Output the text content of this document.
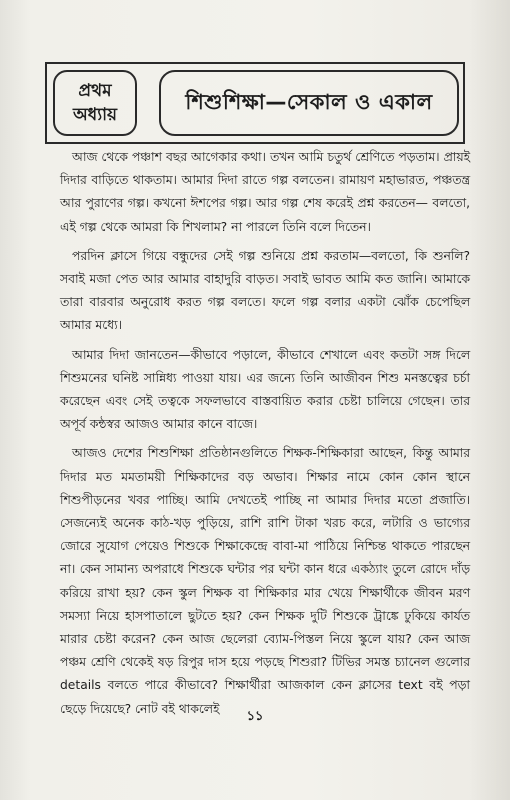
প্রথম
অধ্যায়
শিশুশিক্ষা—সেকাল ও একাল

আজ থেকে পঞ্চাশ বছর আগেকার কথা। তখন আমি চতুর্থ শ্রেণিতে পড়তাম। প্রায়ই দিদার বাড়িতে থাকতাম। আমার দিদা রাতে গল্প বলতেন। রামায়ণ মহাভারত, পঞ্চতন্ত্র আর পুরাণের গল্প। কখনো ঈশপের গল্প। আর গল্প শেষ করেই প্রশ্ন করতেন— বলতো, এই গল্প থেকে আমরা কি শিখলাম? না পারলে তিনি বলে দিতেন।

পরদিন ক্লাসে গিয়ে বন্ধুদের সেই গল্প শুনিয়ে প্রশ্ন করতাম—বলতো, কি শুনলি? সবাই মজা পেত আর আমার বাহাদুরি বাড়ত। সবাই ভাবত আমি কত জানি। আমাকে তারা বারবার অনুরোধ করত গল্প বলতে। ফলে গল্প বলার একটা ঝোঁক চেপেছিল আমার মধ্যে।

আমার দিদা জানতেন—কীভাবে পড়ালে, কীভাবে শেখালে এবং কতটা সঙ্গ দিলে শিশুমনের ঘনিষ্ট সান্নিধ্য পাওয়া যায়। এর জন্যে তিনি আজীবন শিশু মনস্তত্বের চর্চা করেছেন এবং সেই তত্বকে সফলভাবে বাস্তবায়িত করার চেষ্টা চালিয়ে গেছেন। তার অপূর্ব কন্ঠস্বর আজও আমার কানে বাজে।

আজও দেশের শিশুশিক্ষা প্রতিষ্ঠানগুলিতে শিক্ষক-শিক্ষিকারা আছেন, কিন্তু আমার দিদার মত মমতাময়ী শিক্ষিকাদের বড় অভাব। শিক্ষার নামে কোন কোন স্থানে শিশুপীড়নের খবর পাচ্ছি। আমি দেখতেই পাচ্ছি না আমার দিদার মতো প্রজাতি। সেজন্যেই অনেক কাঠ-খড় পুড়িয়ে, রাশি রাশি টাকা খরচ করে, লটারি ও ভাগ্যের জোরে সুযোগ পেয়েও শিশুকে শিক্ষাকেন্দ্রে বাবা-মা পাঠিয়ে নিশ্চিন্ত থাকতে পারছেন না। কেন সামান্য অপরাধে শিশুকে ঘন্টার পর ঘন্টা কান ধরে একঠ্যাং তুলে রোদে দাঁড় করিয়ে রাখা হয়? কেন স্কুল শিক্ষক বা শিক্ষিকার মার খেয়ে শিক্ষার্থীকে জীবন মরণ সমস্যা নিয়ে হাসপাতালে ছুটতে হয়? কেন শিক্ষক দুটি শিশুকে ট্রাঙ্কে ঢুকিয়ে কার্যত মারার চেষ্টা করেন? কেন আজ ছেলেরা ব্যোম-পিস্তল নিয়ে স্কুলে যায়? কেন আজ পঞ্চম শ্রেণি থেকেই ষড় রিপুর দাস হয়ে পড়ছে শিশুরা? টিভির সমস্ত চ্যানেল গুলোর details বলতে পারে কীভাবে? শিক্ষার্থীরা আজকাল কেন ক্লাসের text বই পড়া ছেড়ে দিয়েছে? নোট বই থাকলেই

১১
